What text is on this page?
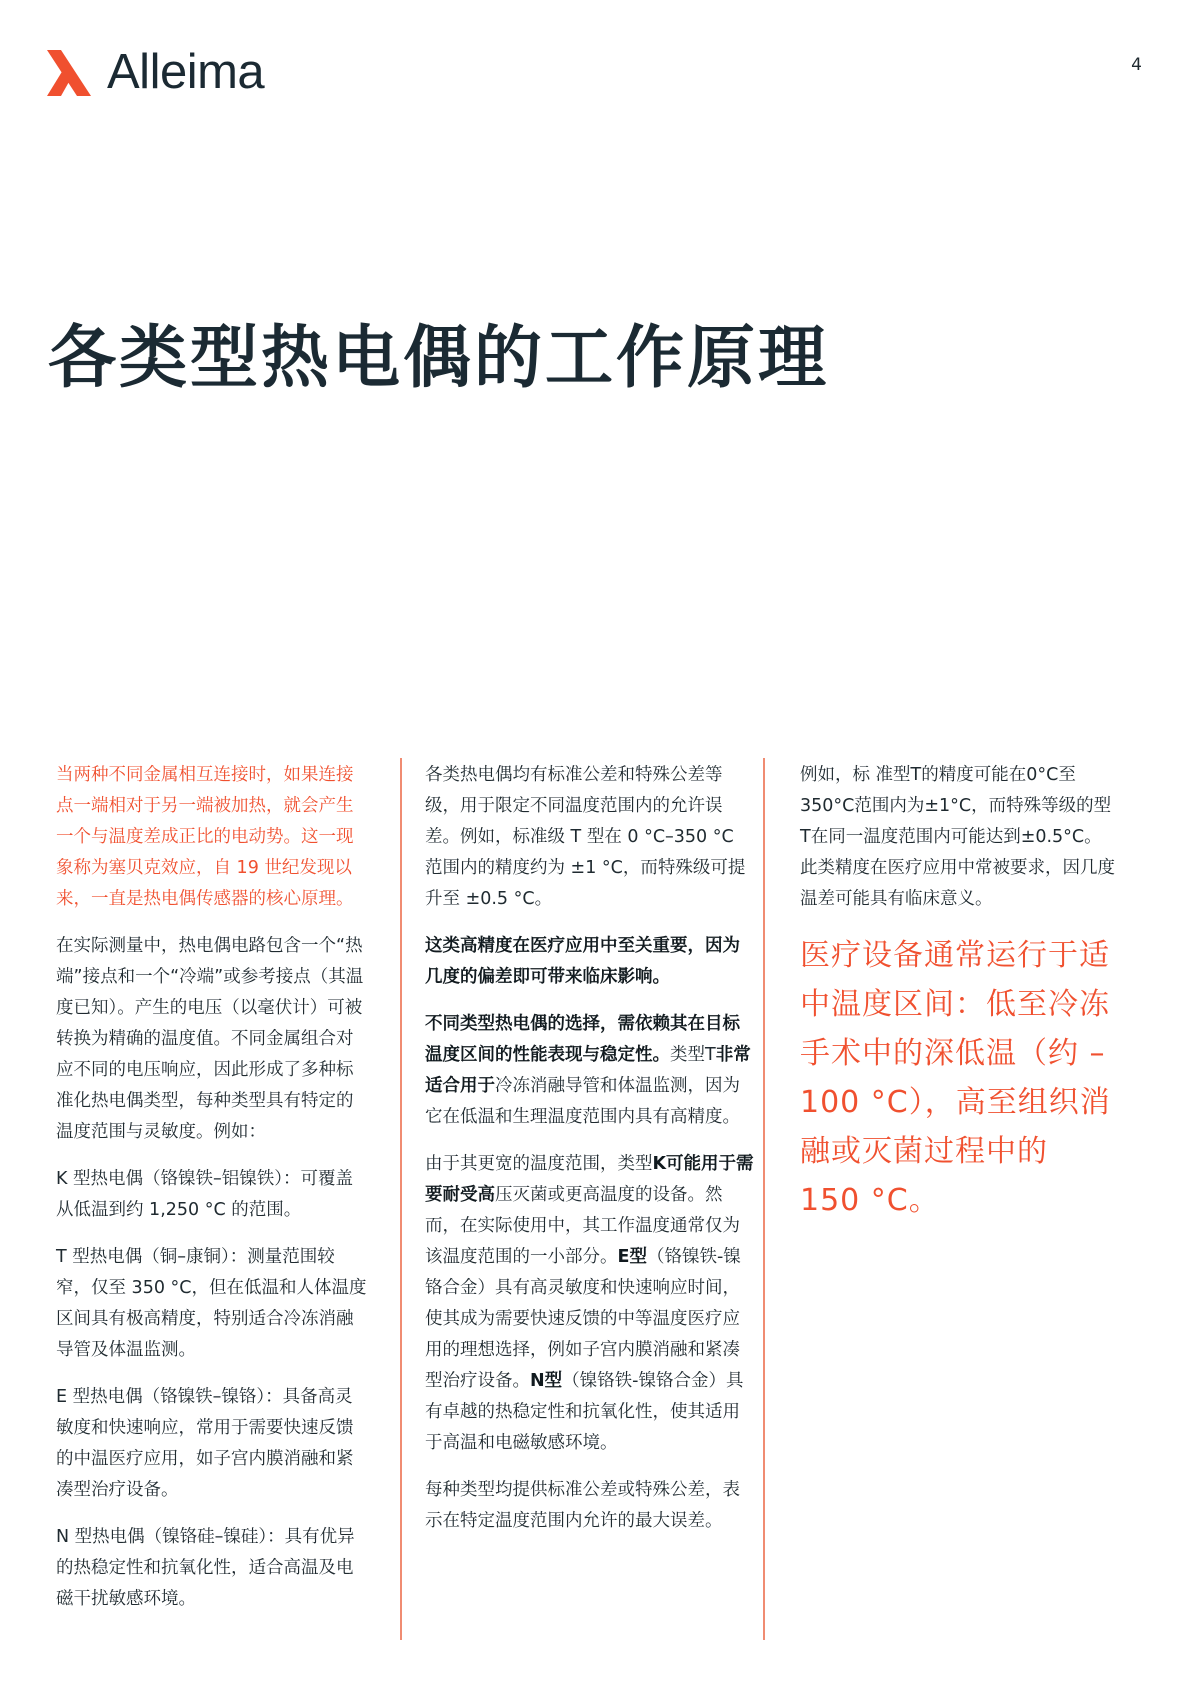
Alleima	4
各类型热电偶的工作原理

当两种不同金属相互连接时，如果连接点一端相对于另一端被加热，就会产生一个与温度差成正比的电动势。这一现象称为塞贝克效应，自 19 世纪发现以来，一直是热电偶传感器的核心原理。

在实际测量中，热电偶电路包含一个“热端”接点和一个“冷端”或参考接点（其温度已知）。产生的电压（以毫伏计）可被转换为精确的温度值。不同金属组合对应不同的电压响应，因此形成了多种标准化热电偶类型，每种类型具有特定的温度范围与灵敏度。例如：

K 型热电偶（铬镍铁–铝镍铁）：可覆盖从低温到约 1,250 °C 的范围。

T 型热电偶（铜–康铜）：测量范围较窄，仅至 350 °C，但在低温和人体温度区间具有极高精度，特别适合冷冻消融导管及体温监测。

E 型热电偶（铬镍铁–镍铬）：具备高灵敏度和快速响应，常用于需要快速反馈的中温医疗应用，如子宫内膜消融和紧凑型治疗设备。

N 型热电偶（镍铬硅–镍硅）：具有优异的热稳定性和抗氧化性，适合高温及电磁干扰敏感环境。

各类热电偶均有标准公差和特殊公差等级，用于限定不同温度范围内的允许误差。例如，标准级 T 型在 0 °C–350 °C 范围内的精度约为 ±1 °C，而特殊级可提升至 ±0.5 °C。

这类高精度在医疗应用中至关重要，因为几度的偏差即可带来临床影响。

不同类型热电偶的选择，需依赖其在目标温度区间的性能表现与稳定性。类型T非常适合用于冷冻消融导管和体温监测，因为它在低温和生理温度范围内具有高精度。

由于其更宽的温度范围，类型K可能用于需要耐受高压灭菌或更高温度的设备。然而，在实际使用中，其工作温度通常仅为该温度范围的一小部分。E型（铬镍铁-镍铬合金）具有高灵敏度和快速响应时间，使其成为需要快速反馈的中等温度医疗应用的理想选择，例如子宫内膜消融和紧凑型治疗设备。N型（镍铬铁-镍铬合金）具有卓越的热稳定性和抗氧化性，使其适用于高温和电磁敏感环境。

每种类型均提供标准公差或特殊公差，表示在特定温度范围内允许的最大误差。

例如，标 准型T的精度可能在0°C至350°C范围内为±1°C，而特殊等级的型T在同一温度范围内可能达到±0.5°C。此类精度在医疗应用中常被要求，因几度温差可能具有临床意义。

医疗设备通常运行于适中温度区间：低至冷冻手术中的深低温（约 –100 °C），高至组织消融或灭菌过程中的 150 °C。
